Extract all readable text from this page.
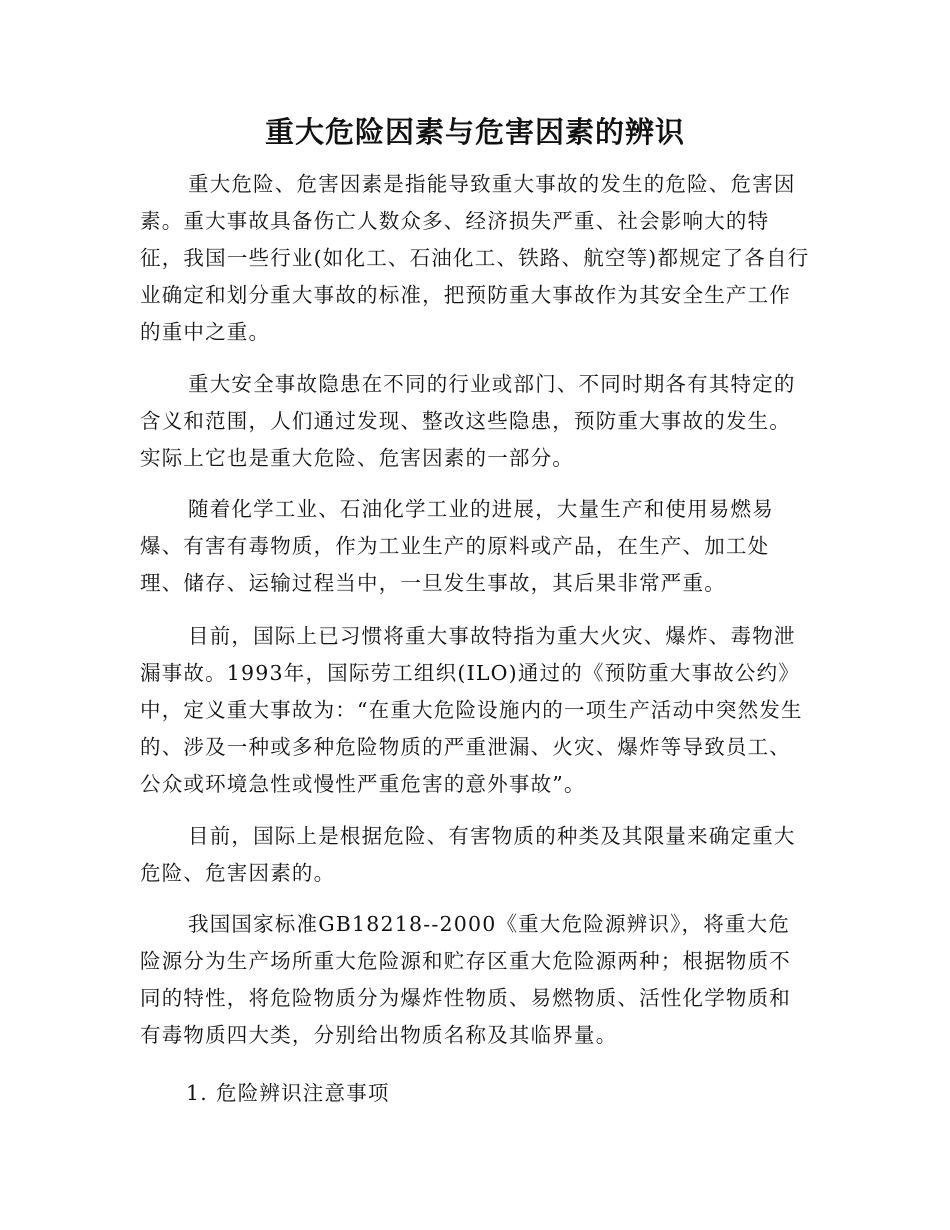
重大危险因素与危害因素的辨识

重大危险、危害因素是指能导致重大事故的发生的危险、危害因素。重大事故具备伤亡人数众多、经济损失严重、社会影响大的特征，我国一些行业(如化工、石油化工、铁路、航空等)都规定了各自行业确定和划分重大事故的标准，把预防重大事故作为其安全生产工作的重中之重。

重大安全事故隐患在不同的行业或部门、不同时期各有其特定的含义和范围，人们通过发现、整改这些隐患，预防重大事故的发生。实际上它也是重大危险、危害因素的一部分。

随着化学工业、石油化学工业的进展，大量生产和使用易燃易爆、有害有毒物质，作为工业生产的原料或产品，在生产、加工处理、储存、运输过程当中，一旦发生事故，其后果非常严重。

目前，国际上已习惯将重大事故特指为重大火灾、爆炸、毒物泄漏事故。1993年，国际劳工组织(ILO)通过的《预防重大事故公约》中，定义重大事故为：“在重大危险设施内的一项生产活动中突然发生的、涉及一种或多种危险物质的严重泄漏、火灾、爆炸等导致员工、公众或环境急性或慢性严重危害的意外事故”。

目前，国际上是根据危险、有害物质的种类及其限量来确定重大危险、危害因素的。

我国国家标准GB18218--2000《重大危险源辨识》，将重大危险源分为生产场所重大危险源和贮存区重大危险源两种；根据物质不同的特性，将危险物质分为爆炸性物质、易燃物质、活性化学物质和有毒物质四大类，分别给出物质名称及其临界量。

1. 危险辨识注意事项
